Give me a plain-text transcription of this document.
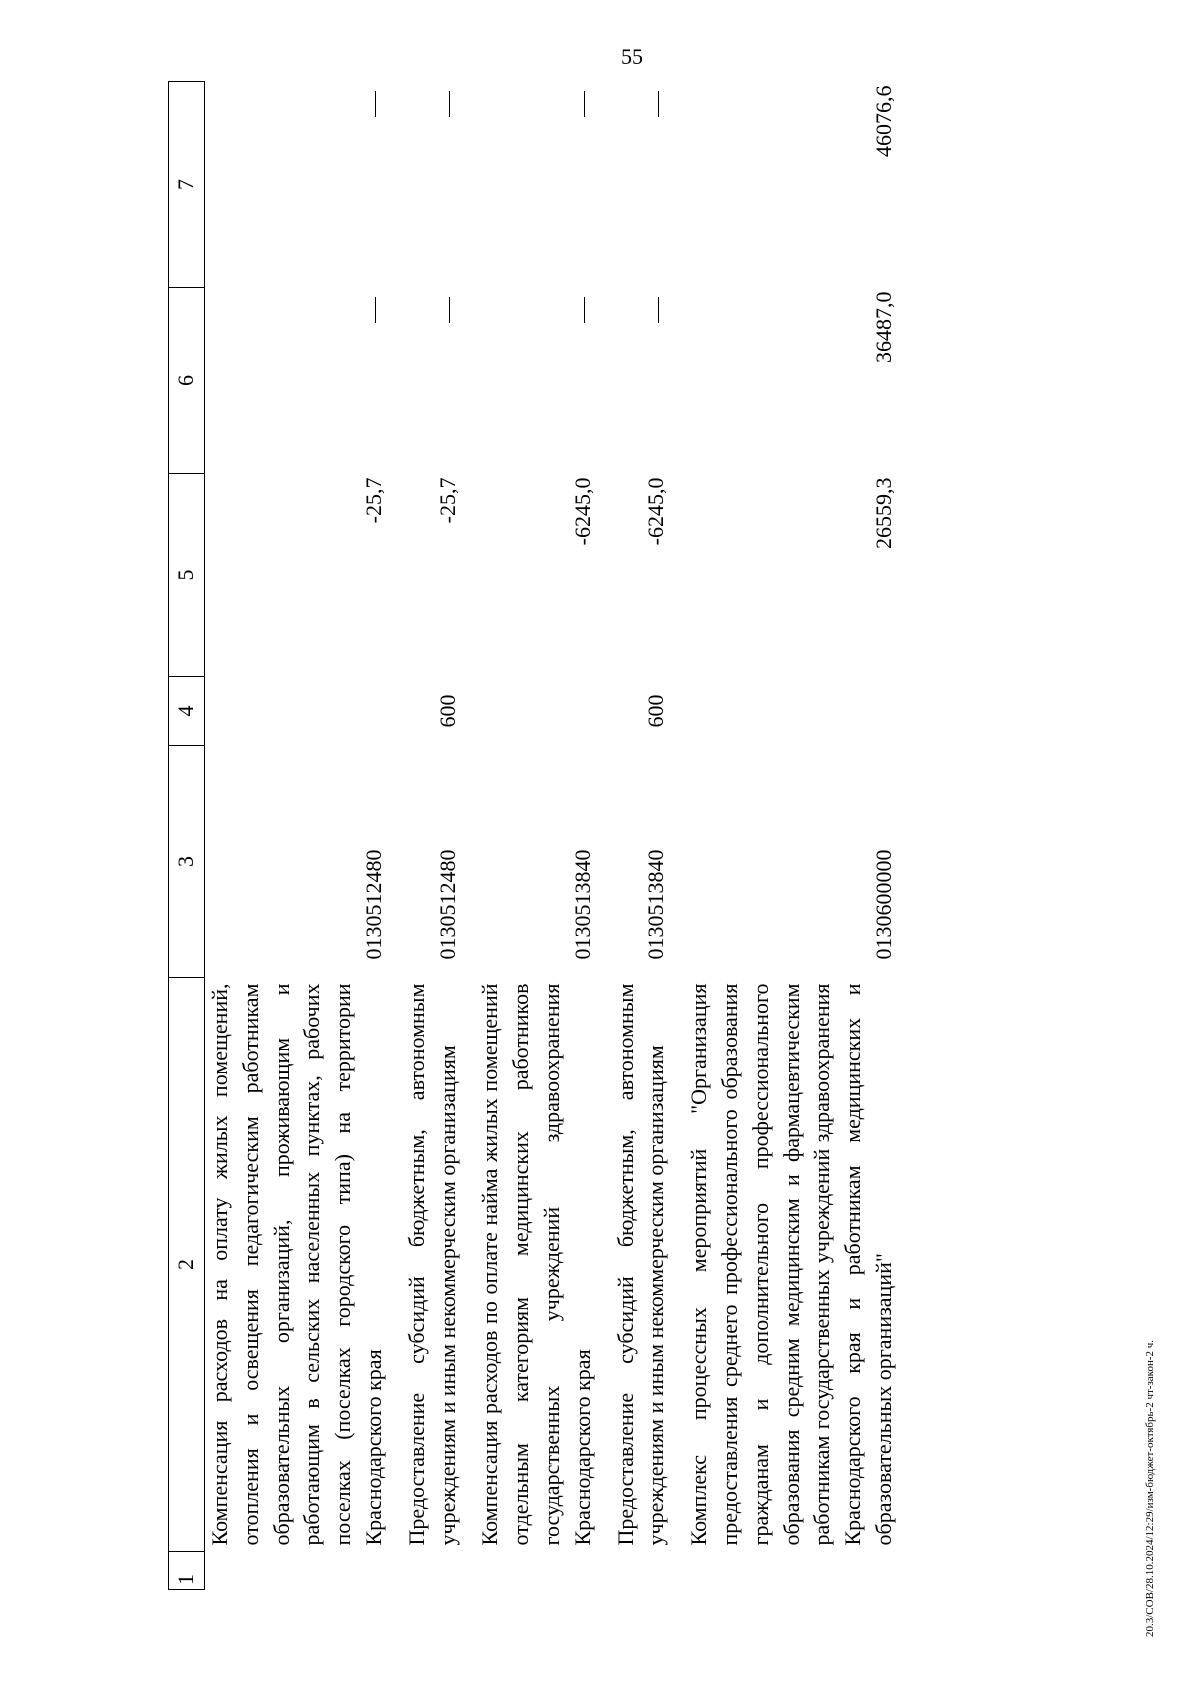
55
20.3/СОВ/28.10.2024/12:29/изм-бюджет-октябрь-2 чт-закон-2 ч.
1	2	3	4	5	6	7
	Компенсация расходов на оплату жилых помещений, отопления и освещения педагогическим работникам образовательных организаций, проживающим и работающим в сельских населенных пунктах, рабочих поселках (поселках городского типа) на территории Краснодарского края	0130512480		-25,7		
	Предоставление субсидий бюджетным, автономным учреждениям и иным некоммерческим организациям	0130512480	600	-25,7		
	Компенсация расходов по оплате найма жилых помещений отдельным категориям медицинских работников государственных учреждений здравоохранения Краснодарского края	0130513840		-6245,0		
	Предоставление субсидий бюджетным, автономным учреждениям и иным некоммерческим организациям	0130513840	600	-6245,0		
	Комплекс процессных мероприятий "Организация предоставления среднего профессионального образования гражданам и дополнительного профессионального образования средним медицинским и фармацевтическим работникам государственных учреждений здравоохранения Краснодарского края и работникам медицинских и образовательных организаций"	0130600000		26559,3	36487,0	46076,6
